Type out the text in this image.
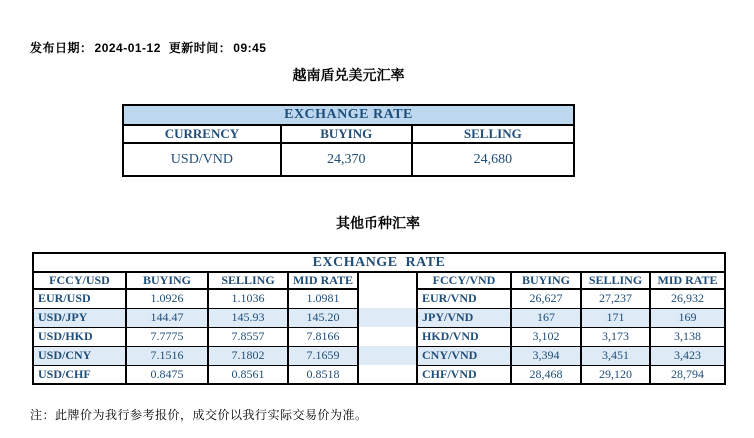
发布日期： 2024-01-12 更新时间： 09:45
越南盾兑美元汇率
EXCHANGE RATE		
CURRENCY	BUYING	SELLING
USD/VND	24,370	24,680
其他币种汇率
EXCHANGE  RATE								
FCCY/USD	BUYING	SELLING	MID RATE		FCCY/VND	BUYING	SELLING	MID RATE
EUR/USD	1.0926	1.1036	1.0981		EUR/VND	26,627	27,237	26,932
USD/JPY	144.47	145.93	145.20		JPY/VND	167	171	169
USD/HKD	7.7775	7.8557	7.8166		HKD/VND	3,102	3,173	3,138
USD/CNY	7.1516	7.1802	7.1659		CNY/VND	3,394	3,451	3,423
USD/CHF	0.8475	0.8561	0.8518		CHF/VND	28,468	29,120	28,794
注：此牌价为我行参考报价，成交价以我行实际交易价为准。
